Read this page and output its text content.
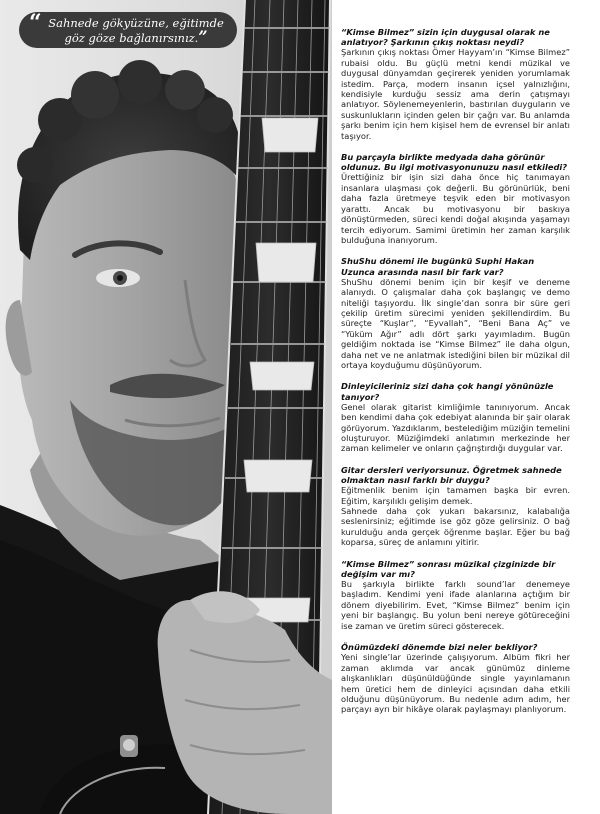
“ Sahnede gökyüzüne, eğitimde göz göze bağlanırsınız.”	“Kimse Bilmez” sizin için duygusal olarak ne anlatıyor? Şarkının çıkış noktası neydi?

Şarkının çıkış noktası Ömer Hayyam’ın “Kimse Bilmez” rubaisi oldu. Bu güçlü metni kendi müzikal ve duygusal dünyamdan geçirerek yeniden yorumlamak istedim. Parça, modern insanın içsel yalnızlığını, kendisiyle kurduğu sessiz ama derin çatışmayı anlatıyor. Söylenemeyenlerin, bastırılan duyguların ve suskunlukların içinden gelen bir çağrı var. Bu anlamda şarkı benim için hem kişisel hem de evrensel bir anlatı taşıyor.

Bu parçayla birlikte medyada daha görünür oldunuz. Bu ilgi motivasyonunuzu nasıl etkiledi?

Ürettiğiniz bir işin sizi daha önce hiç tanımayan insanlara ulaşması çok değerli. Bu görünürlük, beni daha fazla üretmeye teşvik eden bir motivasyon yarattı. Ancak bu motivasyonu bir baskıya dönüştürmeden, süreci kendi doğal akışında yaşamayı tercih ediyorum. Samimi üretimin her zaman karşılık bulduğuna inanıyorum.

ShuShu dönemi ile bugünkü Suphi Hakan Uzunca arasında nasıl bir fark var?

ShuShu dönemi benim için bir keşif ve deneme alanıydı. O çalışmalar daha çok başlangıç ve demo niteliği taşıyordu. İlk single’dan sonra bir süre geri çekilip üretim sürecimi yeniden şekillendirdim. Bu süreçte “Kuşlar”, “Eyvallah”, “Beni Bana Aç” ve “Yüküm Ağır” adlı dört şarkı yayımladım. Bugün geldiğim noktada ise “Kimse Bilmez” ile daha olgun, daha net ve ne anlatmak istediğini bilen bir müzikal dil ortaya koyduğumu düşünüyorum.

Dinleyicileriniz sizi daha çok hangi yönünüzle tanıyor?

Genel olarak gitarist kimliğimle tanınıyorum. Ancak ben kendimi daha çok edebiyat alanında bir şair olarak görüyorum. Yazdıklarım, bestelediğim müziğin temelini oluşturuyor. Müziğimdeki anlatımın merkezinde her zaman kelimeler ve onların çağrıştırdığı duygular var.

Gitar dersleri veriyorsunuz. Öğretmek sahnede olmaktan nasıl farklı bir duygu?

Eğitmenlik benim için tamamen başka bir evren. Eğitim, karşılıklı gelişim demek.

Sahnede daha çok yukarı bakarsınız, kalabalığa seslenirsiniz; eğitimde ise göz göze gelirsiniz. O bağ kurulduğu anda gerçek öğrenme başlar. Eğer bu bağ koparsa, süreç de anlamını yitirir.

“Kimse Bilmez” sonrası müzikal çizginizde bir değişim var mı?

Bu şarkıyla birlikte farklı sound’lar denemeye başladım. Kendimi yeni ifade alanlarına açtığım bir dönem diyebilirim. Evet, “Kimse Bilmez” benim için yeni bir başlangıç. Bu yolun beni nereye götüreceğini ise zaman ve üretim süreci gösterecek.

Önümüzdeki dönemde bizi neler bekliyor?

Yeni single’lar üzerinde çalışıyorum. Albüm fikri her zaman aklımda var ancak günümüz dinleme alışkanlıkları düşünüldüğünde single yayınlamanın hem üretici hem de dinleyici açısından daha etkili olduğunu düşünüyorum. Bu nedenle adım adım, her parçayı ayrı bir hikâye olarak paylaşmayı planlıyorum.
